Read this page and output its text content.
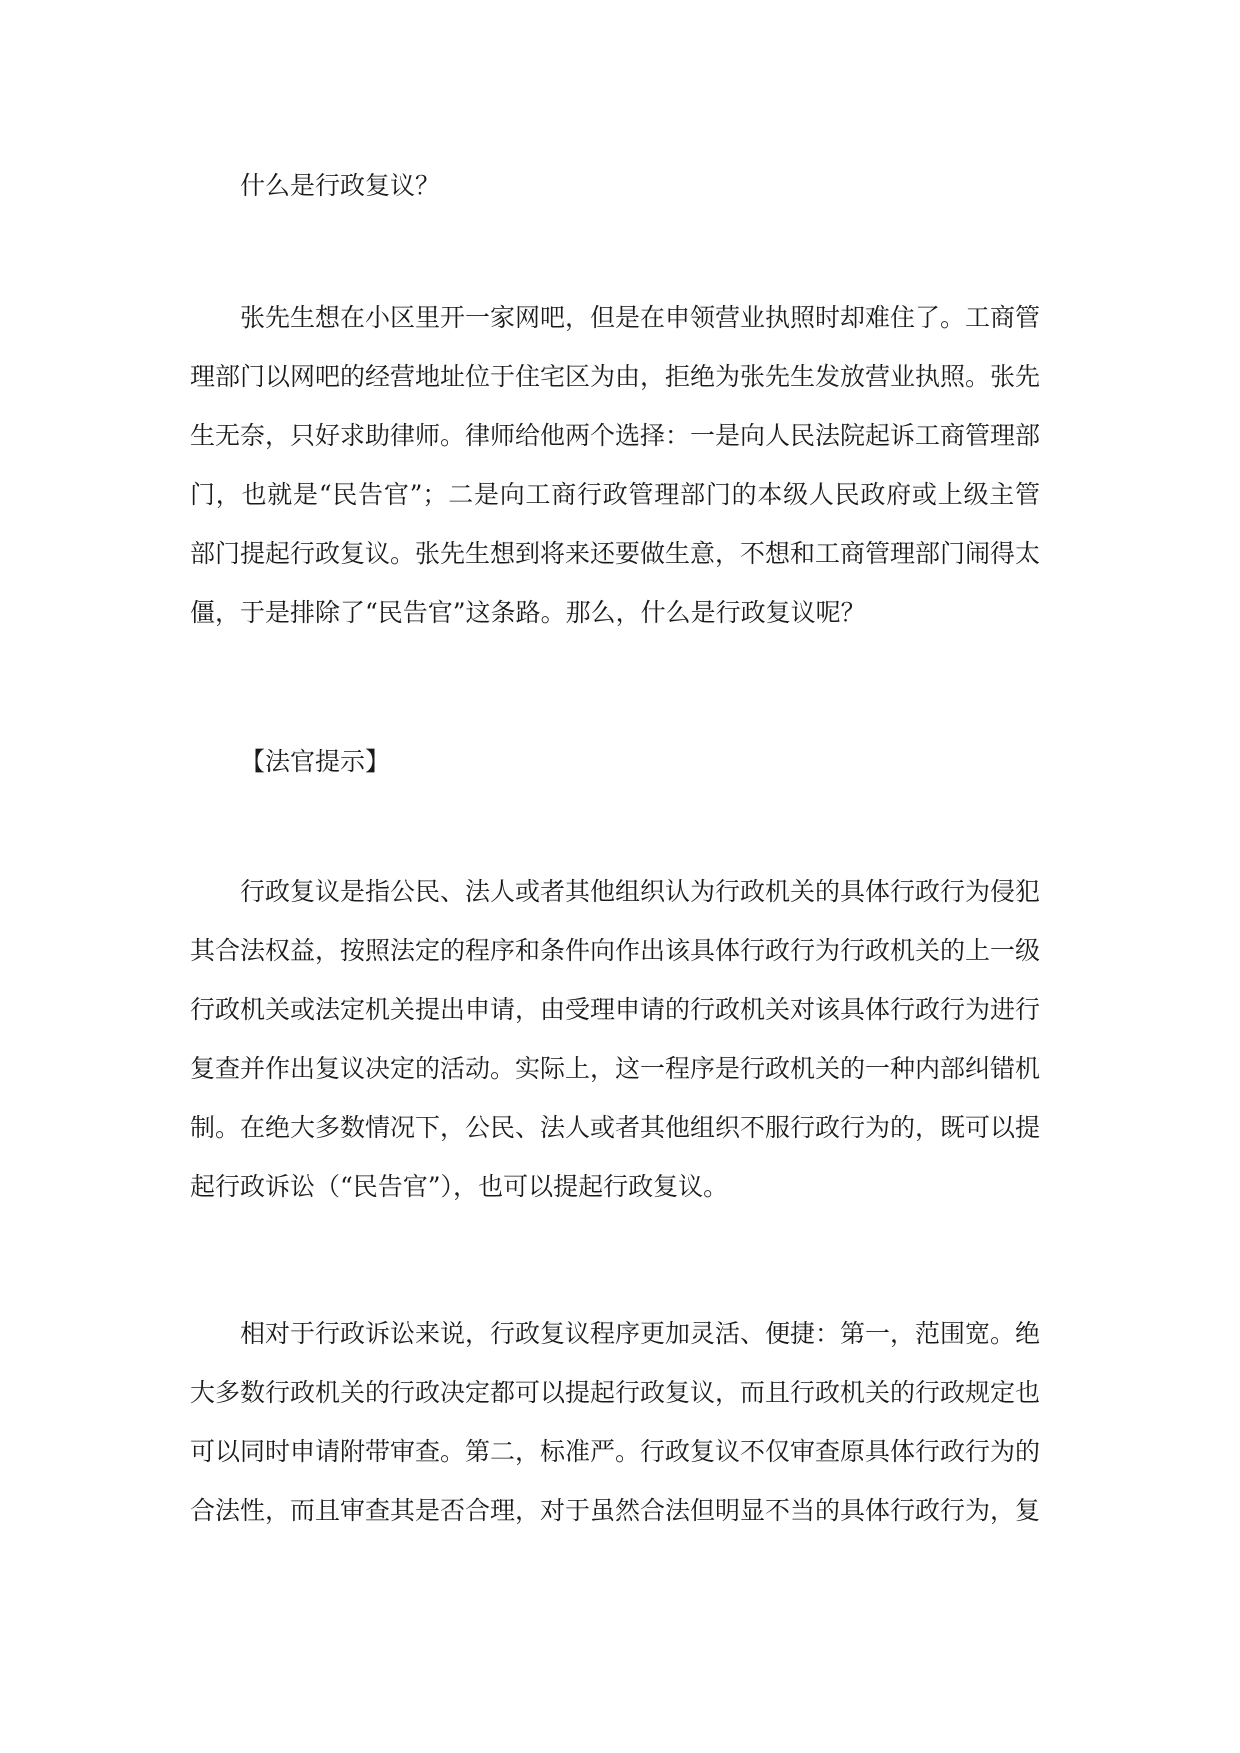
什么是行政复议？

张先生想在小区里开一家网吧，但是在申领营业执照时却难住了。工商管理部门以网吧的经营地址位于住宅区为由，拒绝为张先生发放营业执照。张先生无奈，只好求助律师。律师给他两个选择：一是向人民法院起诉工商管理部门，也就是“民告官”；二是向工商行政管理部门的本级人民政府或上级主管部门提起行政复议。张先生想到将来还要做生意，不想和工商管理部门闹得太僵，于是排除了“民告官”这条路。那么，什么是行政复议呢？

【法官提示】

行政复议是指公民、法人或者其他组织认为行政机关的具体行政行为侵犯其合法权益，按照法定的程序和条件向作出该具体行政行为行政机关的上一级行政机关或法定机关提出申请，由受理申请的行政机关对该具体行政行为进行复查并作出复议决定的活动。实际上，这一程序是行政机关的一种内部纠错机制。在绝大多数情况下，公民、法人或者其他组织不服行政行为的，既可以提起行政诉讼（“民告官”），也可以提起行政复议。

相对于行政诉讼来说，行政复议程序更加灵活、便捷：第一，范围宽。绝大多数行政机关的行政决定都可以提起行政复议，而且行政机关的行政规定也可以同时申请附带审查。第二，标准严。行政复议不仅审查原具体行政行为的合法性，而且审查其是否合理，对于虽然合法但明显不当的具体行政行为，复
